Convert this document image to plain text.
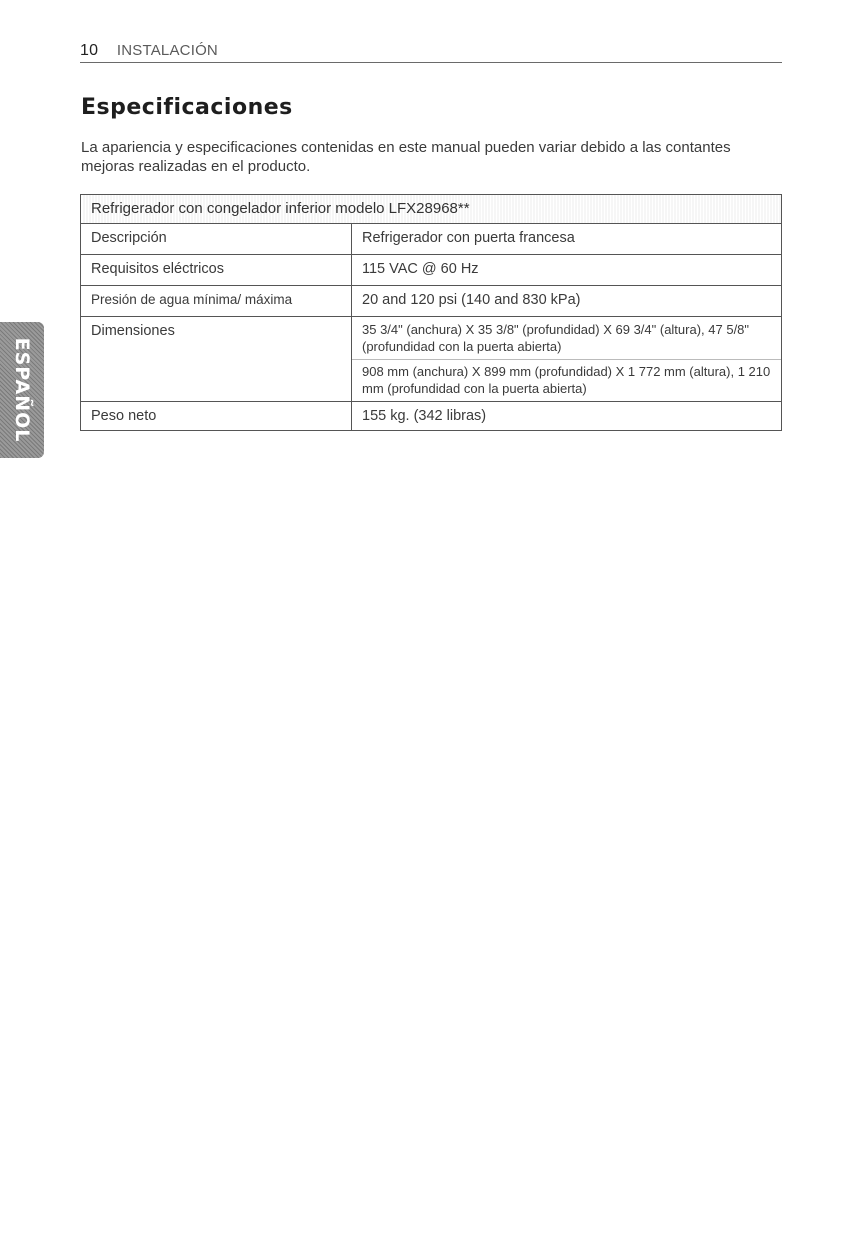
10 INSTALACIÓN
ESPAÑOL
Especificaciones

La apariencia y especificaciones contenidas en este manual pueden variar debido a las contantes mejoras realizadas en el producto.

Refrigerador con congelador inferior modelo LFX28968**	
Descripción	Refrigerador con puerta francesa
Requisitos eléctricos	115 VAC @ 60 Hz
Presión de agua mínima/ máxima	20 and 120 psi (140 and 830 kPa)
Dimensiones	35 3/4" (anchura) X 35 3/8" (profundidad) X 69 3/4" (altura), 47 5/8" (profundidad con la puerta abierta)
908 mm (anchura) X 899 mm (profundidad) X 1 772 mm (altura), 1 210 mm (profundidad con la puerta abierta)

Peso neto	155 kg. (342 libras)
